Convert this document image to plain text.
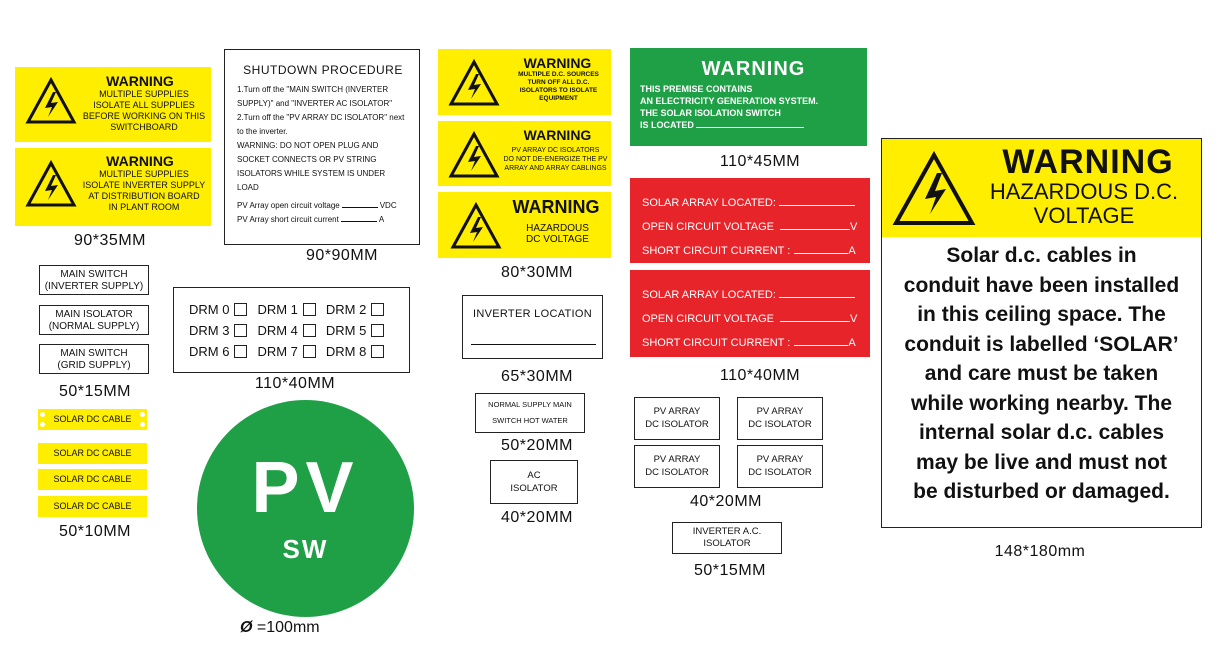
WARNING
MULTIPLE SUPPLIES
ISOLATE ALL SUPPLIES
BEFORE WORKING ON THIS
SWITCHBOARD
WARNING
MULTIPLE SUPPLIES
ISOLATE INVERTER SUPPLY
AT DISTRIBUTION BOARD
IN PLANT ROOM
90*35MM
MAIN SWITCH
(INVERTER SUPPLY)
MAIN ISOLATOR
(NORMAL SUPPLY)
MAIN SWITCH
(GRID SUPPLY)
50*15MM
SOLAR DC CABLE
SOLAR DC CABLE
SOLAR DC CABLE
SOLAR DC CABLE
50*10MM
SHUTDOWN PROCEDURE
1.Turn off the "MAIN SWITCH (INVERTER
SUPPLY)" and "INVERTER AC ISOLATOR"
2.Turn off the "PV ARRAY DC ISOLATOR" next
to the inverter.
WARNING: DO NOT OPEN PLUG AND
SOCKET CONNECTS OR PV STRING
ISOLATORS WHILE SYSTEM IS UNDER
LOAD
PV Array open circuit voltage	VDC
PV Array short circuit current	A
90*90MM
DRM 0 DRM 1 DRM 2
DRM 3 DRM 4 DRM 5
DRM 6 DRM 7 DRM 8
110*40MM
PV
SW
Ø =100mm
WARNING
MULTIPLE D.C. SOURCES
TURN OFF ALL D.C.
ISOLATORS TO ISOLATE
EQUIPMENT
WARNING
PV ARRAY DC ISOLATORS
DO NOT DE-ENERGIZE THE PV
ARRAY AND ARRAY CABLINGS
WARNING
HAZARDOUS
DC VOLTAGE
80*30MM
INVERTER LOCATION
65*30MM
NORMAL SUPPLY MAIN
SWITCH HOT WATER
50*20MM
AC
ISOLATOR
40*20MM
WARNING
THIS PREMISE CONTAINS
AN ELECTRICITY GENERATION SYSTEM.
THE SOLAR ISOLATION SWITCH
IS LOCATED
110*45MM
SOLAR ARRAY LOCATED:
OPEN CIRCUIT VOLTAGE	V
SHORT CIRCUIT CURRENT :	A
SOLAR ARRAY LOCATED:
OPEN CIRCUIT VOLTAGE	V
SHORT CIRCUIT CURRENT :	A
110*40MM
PV ARRAY
DC ISOLATOR
PV ARRAY
DC ISOLATOR
PV ARRAY
DC ISOLATOR
PV ARRAY
DC ISOLATOR
40*20MM
INVERTER A.C.
ISOLATOR
50*15MM
WARNING
HAZARDOUS D.C.
VOLTAGE
Solar d.c. cables in
conduit have been installed
in this ceiling space. The
conduit is labelled ‘SOLAR’
and care must be taken
while working nearby. The
internal solar d.c. cables
may be live and must not
be disturbed or damaged.
148*180mm
